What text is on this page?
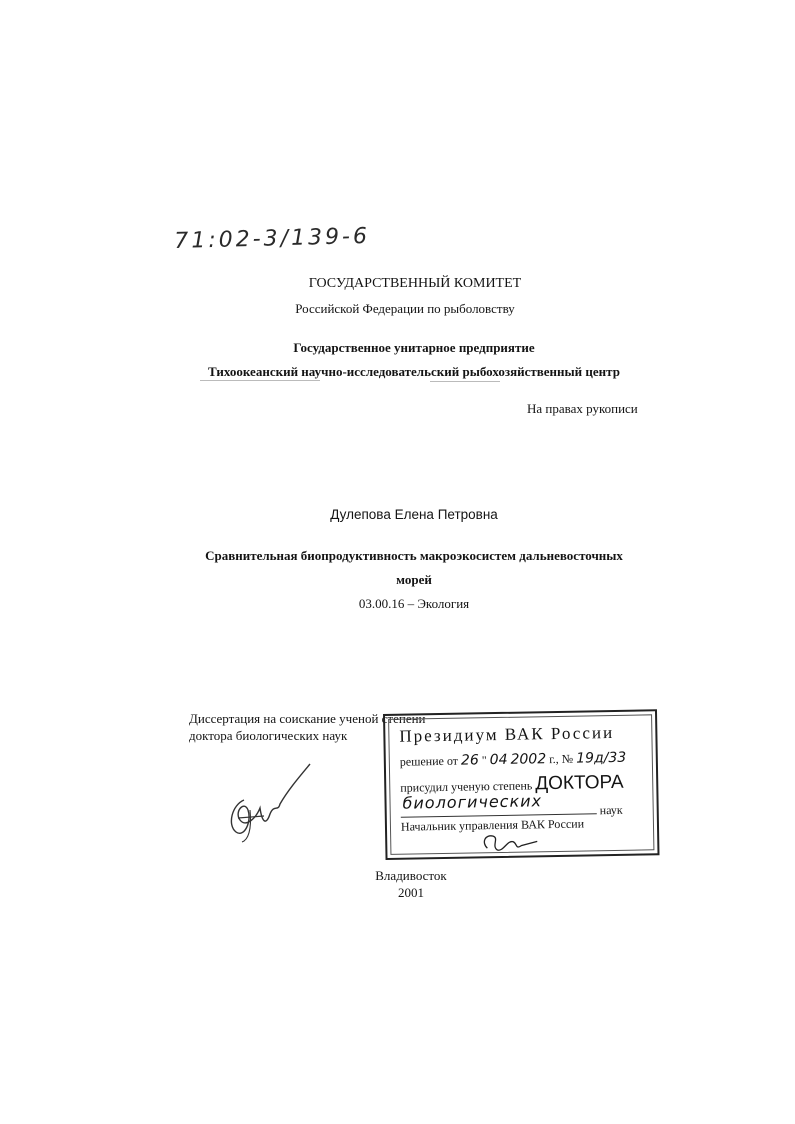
71:02-3/139-6
ГОСУДАРСТВЕННЫЙ КОМИТЕТ
Российской Федерации по рыболовству
Государственное унитарное предприятие
Тихоокеанский научно-исследовательский рыбохозяйственный центр
На правах рукописи
Дулепова Елена Петровна
Сравнительная биопродуктивность макроэкосистем дальневосточных
морей
03.00.16 – Экология
Диссертация на соискание ученой степени
доктора биологических наук	Президиум ВАК России
решение от 26 " 04 2002 г., № 19д/33
присудил ученую степень ДОКТОРА
биологических	наук
Начальник управления ВАК России
Владивосток
2001
